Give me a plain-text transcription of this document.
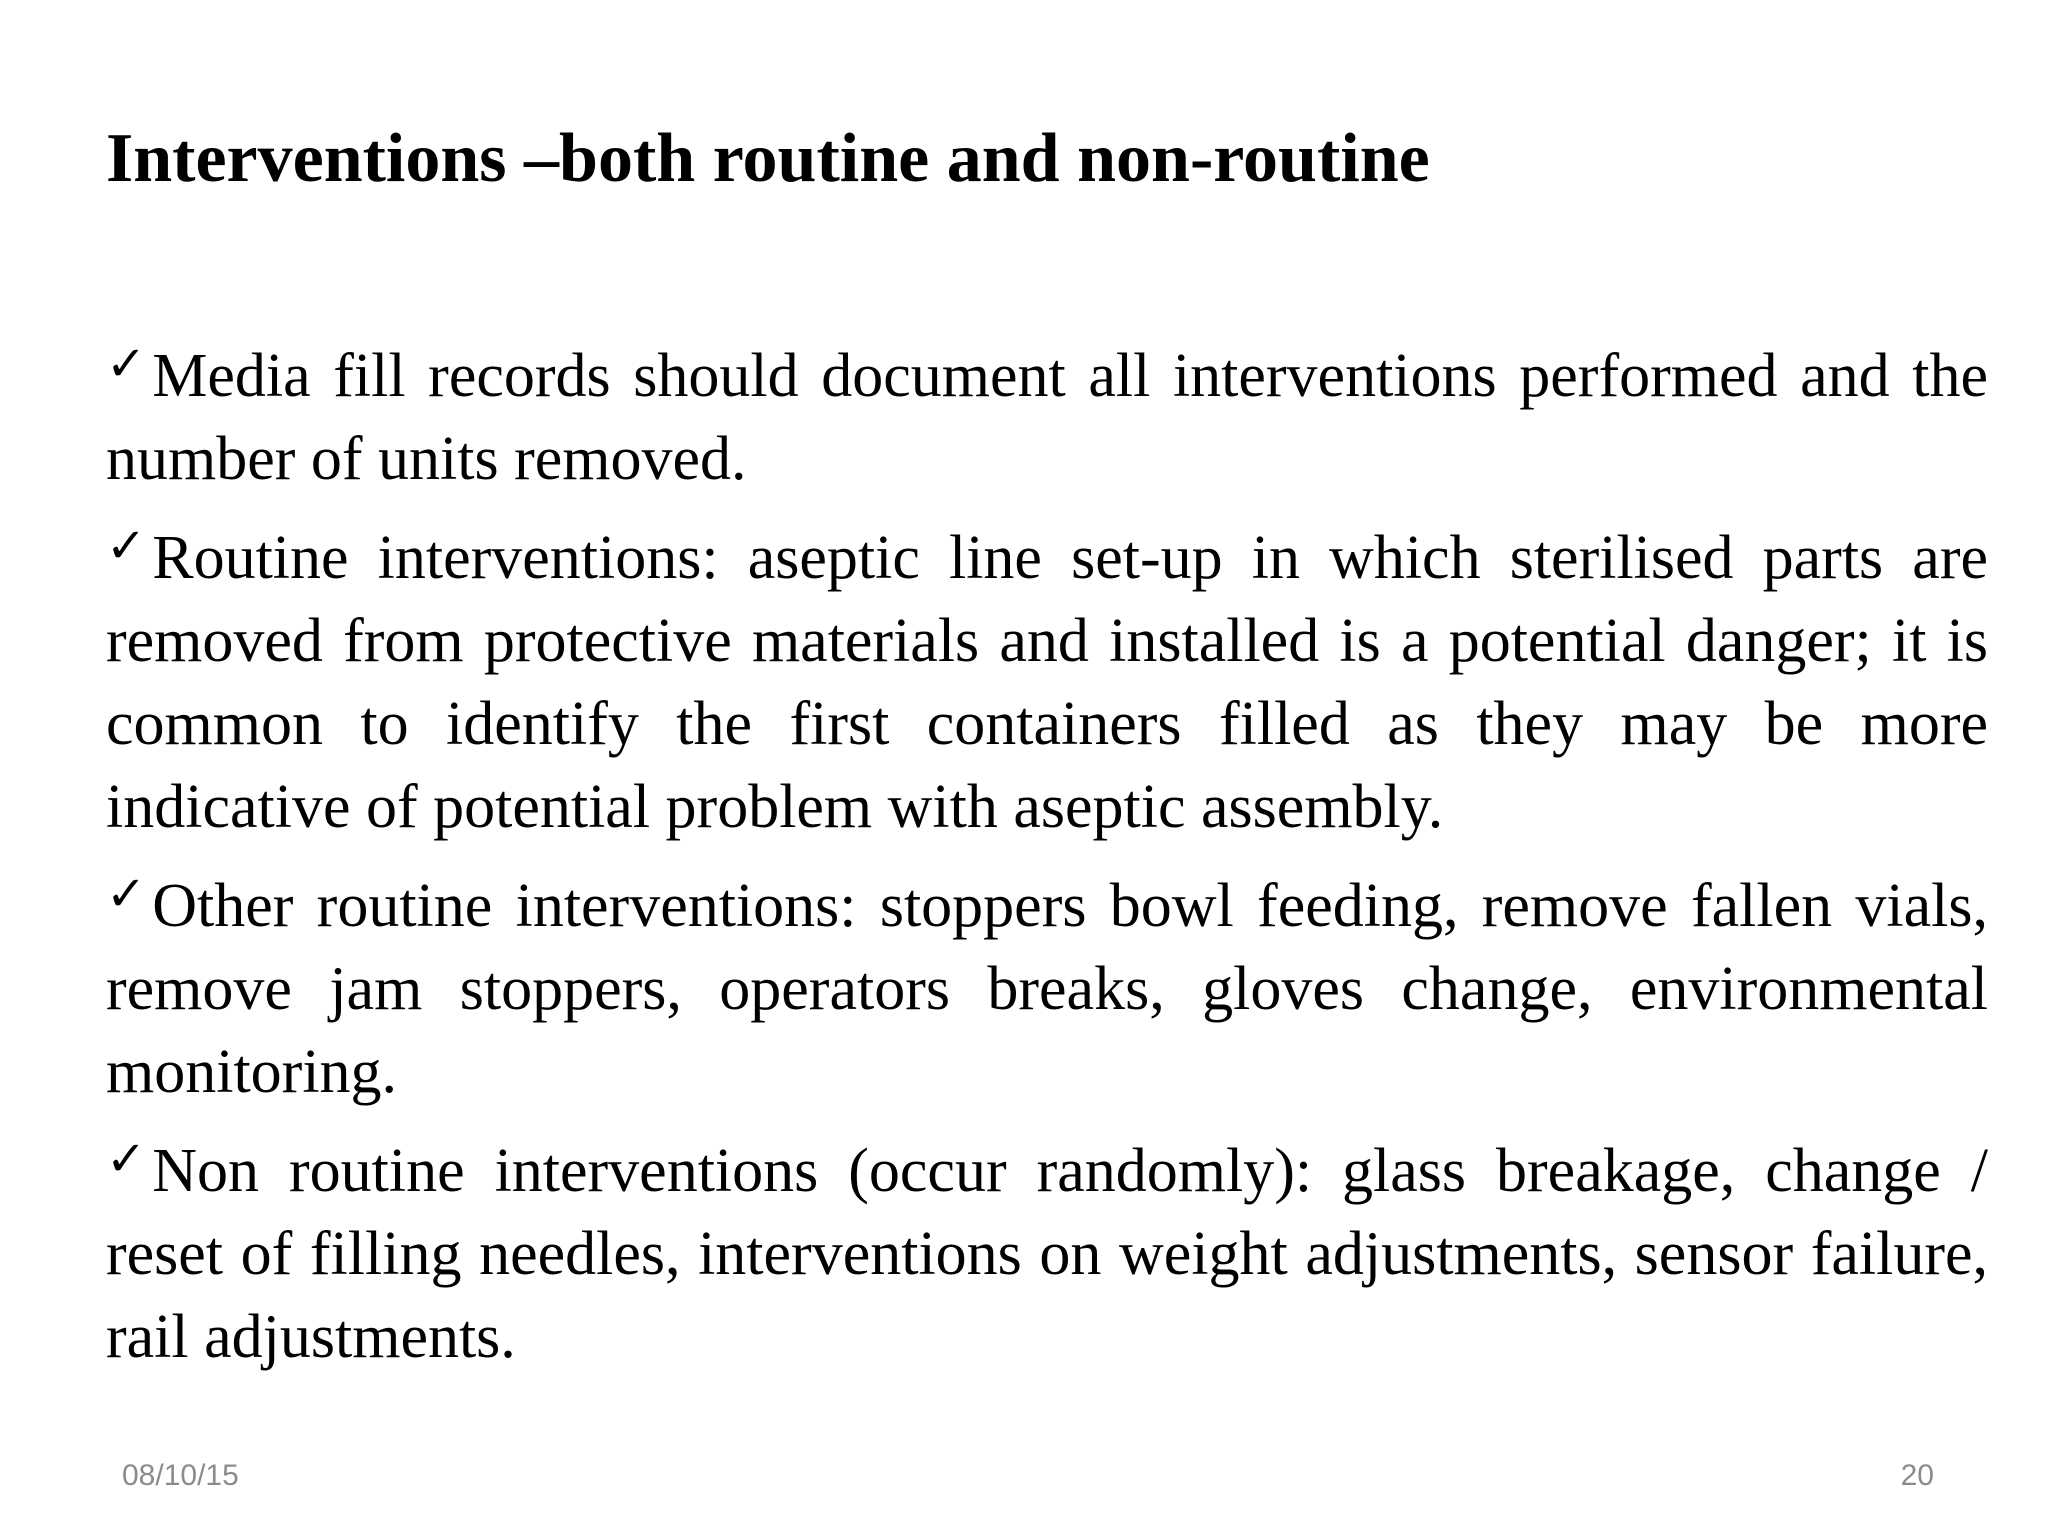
Interventions –both routine and non-routine
✓Media fill records should document all interventions performed and the number of units removed.
✓Routine interventions: aseptic line set-up in which sterilised parts are removed from protective materials and installed is a potential danger; it is common to identify the first containers filled as they may be more indicative of potential problem with aseptic assembly.
✓Other routine interventions: stoppers bowl feeding, remove fallen vials, remove jam stoppers, operators breaks, gloves change, environmental monitoring.
✓Non routine interventions (occur randomly): glass breakage, change / reset of filling needles, interventions on weight adjustments, sensor failure, rail adjustments.
08/10/15	20
